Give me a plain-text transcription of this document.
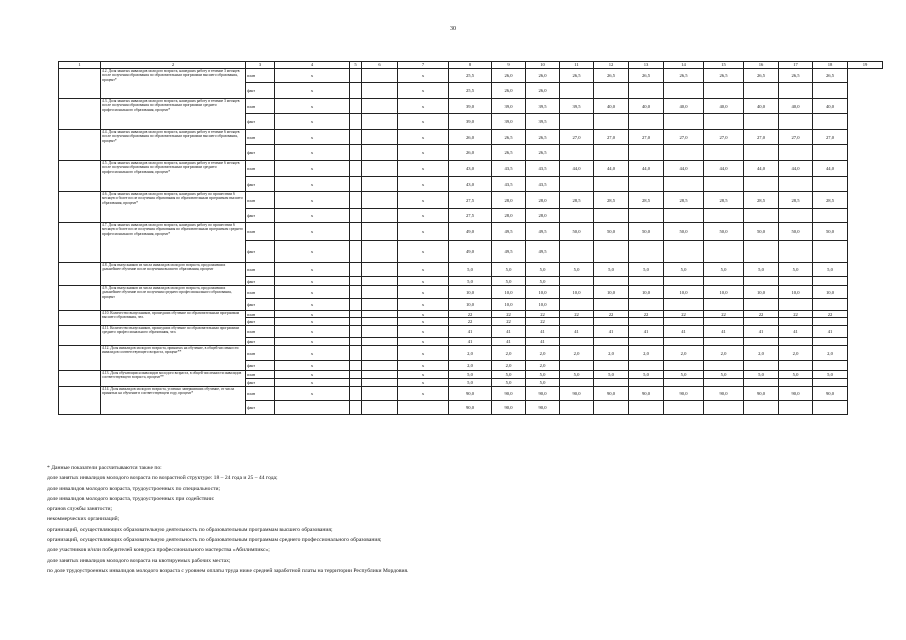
30
1	2	3	4	5	6	7	8	9	10	11	12	13	14	15	16	17	18	19
	4.2. Доля занятых инвалидов молодого возраста, нашедших работу в течение 3 месяцев после получения образования по образовательным программам высшего образования, процент*	план	x			x	25,5	26,0	26,0	26,5	26,5	26,5	26,5	26,5	26,5	26,5	26,5	
		факт	x			x	25,5	26,0	26,0									
	4.3. Доля занятых инвалидов молодого возраста, нашедших работу в течение 3 месяцев после получения образования по образовательным программам среднего профессионального образования, процент*	план	x			x	39,0	39,0	39,5	39,5	40,0	40,0	40,0	40,0	40,0	40,0	40,0	
		факт	x			x	39,0	39,0	39,5									
	4.4. Доля занятых инвалидов молодого возраста, нашедших работу в течение 6 месяцев после получения образования по образовательным программам высшего образования, процент*	план	x			x	26,0	26,5	26,5	27,0	27,0	27,0	27,0	27,0	27,0	27,0	27,0	
		факт	x			x	26,0	26,5	26,5									
	4.5. Доля занятых инвалидов молодого возраста, нашедших работу в течение 6 месяцев после получения образования по образовательным программам среднего профессионального образования, процент*	план	x			x	43,0	43,5	43,5	44,0	44,0	44,0	44,0	44,0	44,0	44,0	44,0	
		факт	x			x	43,0	43,5	43,5									
	4.6. Доля занятых инвалидов молодого возраста, нашедших работу по прошествии 6 месяцев и более после получения образования по образовательным программам высшего образования, процент*	план	x			x	27,5	28,0	28,0	28,5	28,5	28,5	28,5	28,5	28,5	28,5	28,5	
		факт	x			x	27,5	28,0	28,0									
	4.7. Доля занятых инвалидов молодого возраста, нашедших работу по прошествии 6 месяцев и более после получения образования по образовательным программам среднего профессионального образования, процент*	план	x			x	49,0	49,5	49,5	50,0	50,0	50,0	50,0	50,0	50,0	50,0	50,0	
		факт	x			x	49,0	49,5	49,5									
	4.8. Доля выпускников из числа инвалидов молодого возраста, продолживших дальнейшее обучение после получения высшего образования, процент	план	x			x	5,0	5,0	5,0	5,0	5,0	5,0	5,0	5,0	5,0	5,0	5,0	
		факт	x			x	5,0	5,0	5,0									
	4.9. Доля выпускников из числа инвалидов молодого возраста, продолживших дальнейшее обучение после получения среднего профессионального образования, процент	план	x			x	10,0	10,0	10,0	10,0	10,0	10,0	10,0	10,0	10,0	10,0	10,0	
		факт	x			x	10,0	10,0	10,0									
	4.10. Количество выпускников, прошедших обучение по образовательным программам высшего образования, чел.	план	x			x	22	22	22	22	22	22	22	22	22	22	22	
		факт	x			x	22	22	22									
	4.11. Количество выпускников, прошедших обучение по образовательным программам среднего профессионального образования, чел.	план	x			x	41	41	41	41	41	41	41	41	41	41	41	
		факт	x			x	41	41	41									
	4.12. Доля инвалидов молодого возраста, принятых на обучение, в общей численности инвалидов соответствующего возраста, процент**	план	x			x	2,0	2,0	2,0	2,0	2,0	2,0	2,0	2,0	2,0	2,0	2,0	
		факт	x			x	2,0	2,0	2,0									
	4.13. Доля обучающихся инвалидов молодого возраста, в общей численности инвалидов соответствующего возраста, процент**	план	x			x	5,0	5,0	5,0	5,0	5,0	5,0	5,0	5,0	5,0	5,0	5,0	
		факт	x			x	5,0	5,0	5,0									
	4.14. Доля инвалидов молодого возраста, успешно завершивших обучение, от числа принятых на обучение в соответствующем году, процент*	план	x			x	90,0	90,0	90,0	90,0	90,0	90,0	90,0	90,0	90,0	90,0	90,0	
		факт					90,0	90,0	90,0									
* Данные показатели рассчитываются также по:
доле занятых инвалидов молодого возраста по возрастной структуре: 18 – 24 года и 25 – 44 года;
доле инвалидов молодого возраста, трудоустроенных по специальности;
доле инвалидов молодого возраста, трудоустроенных при содействии:
органов службы занятости;
некоммерческих организаций;
организаций, осуществляющих образовательную деятельность по образовательным программам высшего образования;
организаций, осуществляющих образовательную деятельность по образовательным программам среднего профессионального образования;
доле участников и/или победителей конкурса профессионального мастерства «Абилимпикс»;
доле занятых инвалидов молодого возраста на квотируемых рабочих местах;
по доле трудоустроенных инвалидов молодого возраста с уровнем оплаты труда ниже средней заработной платы на территории Республики Мордовия.
